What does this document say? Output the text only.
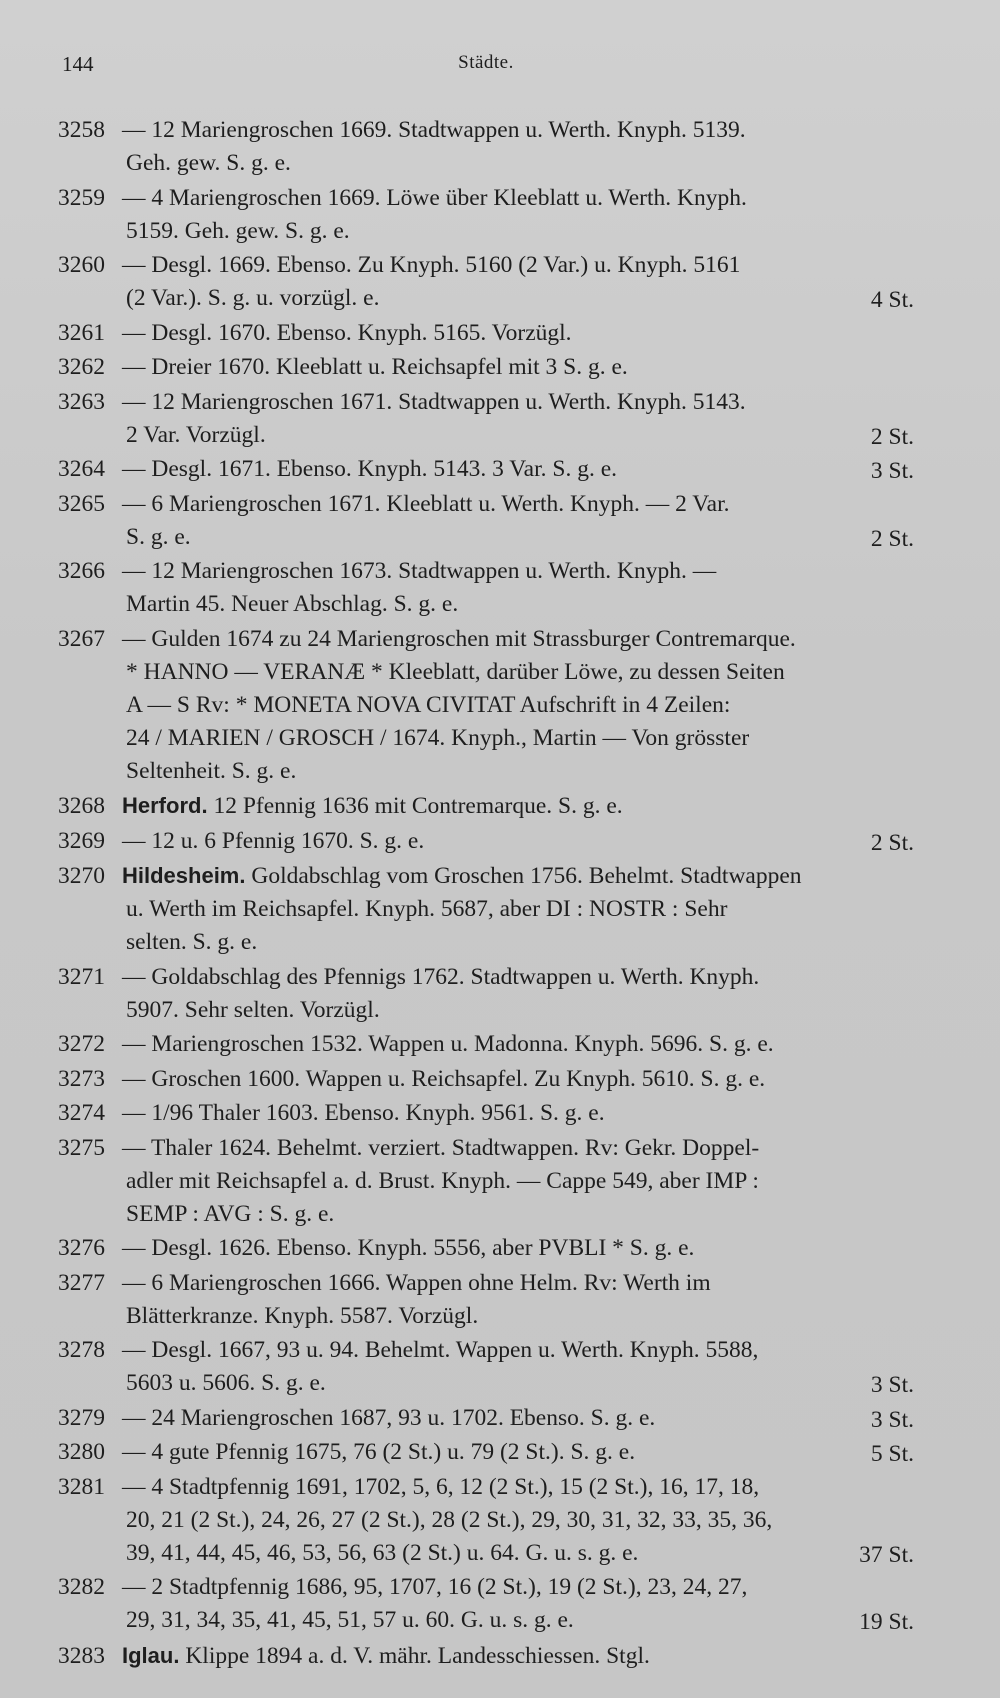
144	Städte.
3258 — 12 Mariengroschen 1669. Stadtwappen u. Werth. Knyph. 5139.
Geh. gew. S. g. e.
3259 — 4 Mariengroschen 1669. Löwe über Kleeblatt u. Werth. Knyph.
5159. Geh. gew. S. g. e.
3260 — Desgl. 1669. Ebenso. Zu Knyph. 5160 (2 Var.) u. Knyph. 5161
(2 Var.). S. g. u. vorzügl. e.	4 St.
3261 — Desgl. 1670. Ebenso. Knyph. 5165. Vorzügl.
3262 — Dreier 1670. Kleeblatt u. Reichsapfel mit 3 S. g. e.
3263 — 12 Mariengroschen 1671. Stadtwappen u. Werth. Knyph. 5143.
2 Var. Vorzügl.	2 St.
3264 — Desgl. 1671. Ebenso. Knyph. 5143. 3 Var. S. g. e.	3 St.
3265 — 6 Mariengroschen 1671. Kleeblatt u. Werth. Knyph. — 2 Var.
S. g. e.	2 St.
3266 — 12 Mariengroschen 1673. Stadtwappen u. Werth. Knyph. —
Martin 45. Neuer Abschlag. S. g. e.
3267 — Gulden 1674 zu 24 Mariengroschen mit Strassburger Contremarque.
* HANNO — VERANÆ * Kleeblatt, darüber Löwe, zu dessen Seiten
A — S Rv: * MONETA NOVA CIVITAT Aufschrift in 4 Zeilen:
24 / MARIEN / GROSCH / 1674. Knyph., Martin — Von grösster
Seltenheit. S. g. e.
3268 Herford. 12 Pfennig 1636 mit Contremarque. S. g. e.
3269 — 12 u. 6 Pfennig 1670. S. g. e.	2 St.
3270 Hildesheim. Goldabschlag vom Groschen 1756. Behelmt. Stadtwappen
u. Werth im Reichsapfel. Knyph. 5687, aber DI : NOSTR : Sehr
selten. S. g. e.
3271 — Goldabschlag des Pfennigs 1762. Stadtwappen u. Werth. Knyph.
5907. Sehr selten. Vorzügl.
3272 — Mariengroschen 1532. Wappen u. Madonna. Knyph. 5696. S. g. e.
3273 — Groschen 1600. Wappen u. Reichsapfel. Zu Knyph. 5610. S. g. e.
3274 — 1/96 Thaler 1603. Ebenso. Knyph. 9561. S. g. e.
3275 — Thaler 1624. Behelmt. verziert. Stadtwappen. Rv: Gekr. Doppel-
adler mit Reichsapfel a. d. Brust. Knyph. — Cappe 549, aber IMP :
SEMP : AVG : S. g. e.
3276 — Desgl. 1626. Ebenso. Knyph. 5556, aber PVBLI * S. g. e.
3277 — 6 Mariengroschen 1666. Wappen ohne Helm. Rv: Werth im
Blätterkranze. Knyph. 5587. Vorzügl.
3278 — Desgl. 1667, 93 u. 94. Behelmt. Wappen u. Werth. Knyph. 5588,
5603 u. 5606. S. g. e.	3 St.
3279 — 24 Mariengroschen 1687, 93 u. 1702. Ebenso. S. g. e.	3 St.
3280 — 4 gute Pfennig 1675, 76 (2 St.) u. 79 (2 St.). S. g. e.	5 St.
3281 — 4 Stadtpfennig 1691, 1702, 5, 6, 12 (2 St.), 15 (2 St.), 16, 17, 18,
20, 21 (2 St.), 24, 26, 27 (2 St.), 28 (2 St.), 29, 30, 31, 32, 33, 35, 36,
39, 41, 44, 45, 46, 53, 56, 63 (2 St.) u. 64. G. u. s. g. e.	37 St.
3282 — 2 Stadtpfennig 1686, 95, 1707, 16 (2 St.), 19 (2 St.), 23, 24, 27,
29, 31, 34, 35, 41, 45, 51, 57 u. 60. G. u. s. g. e.	19 St.
3283 Iglau. Klippe 1894 a. d. V. mähr. Landesschiessen. Stgl.
